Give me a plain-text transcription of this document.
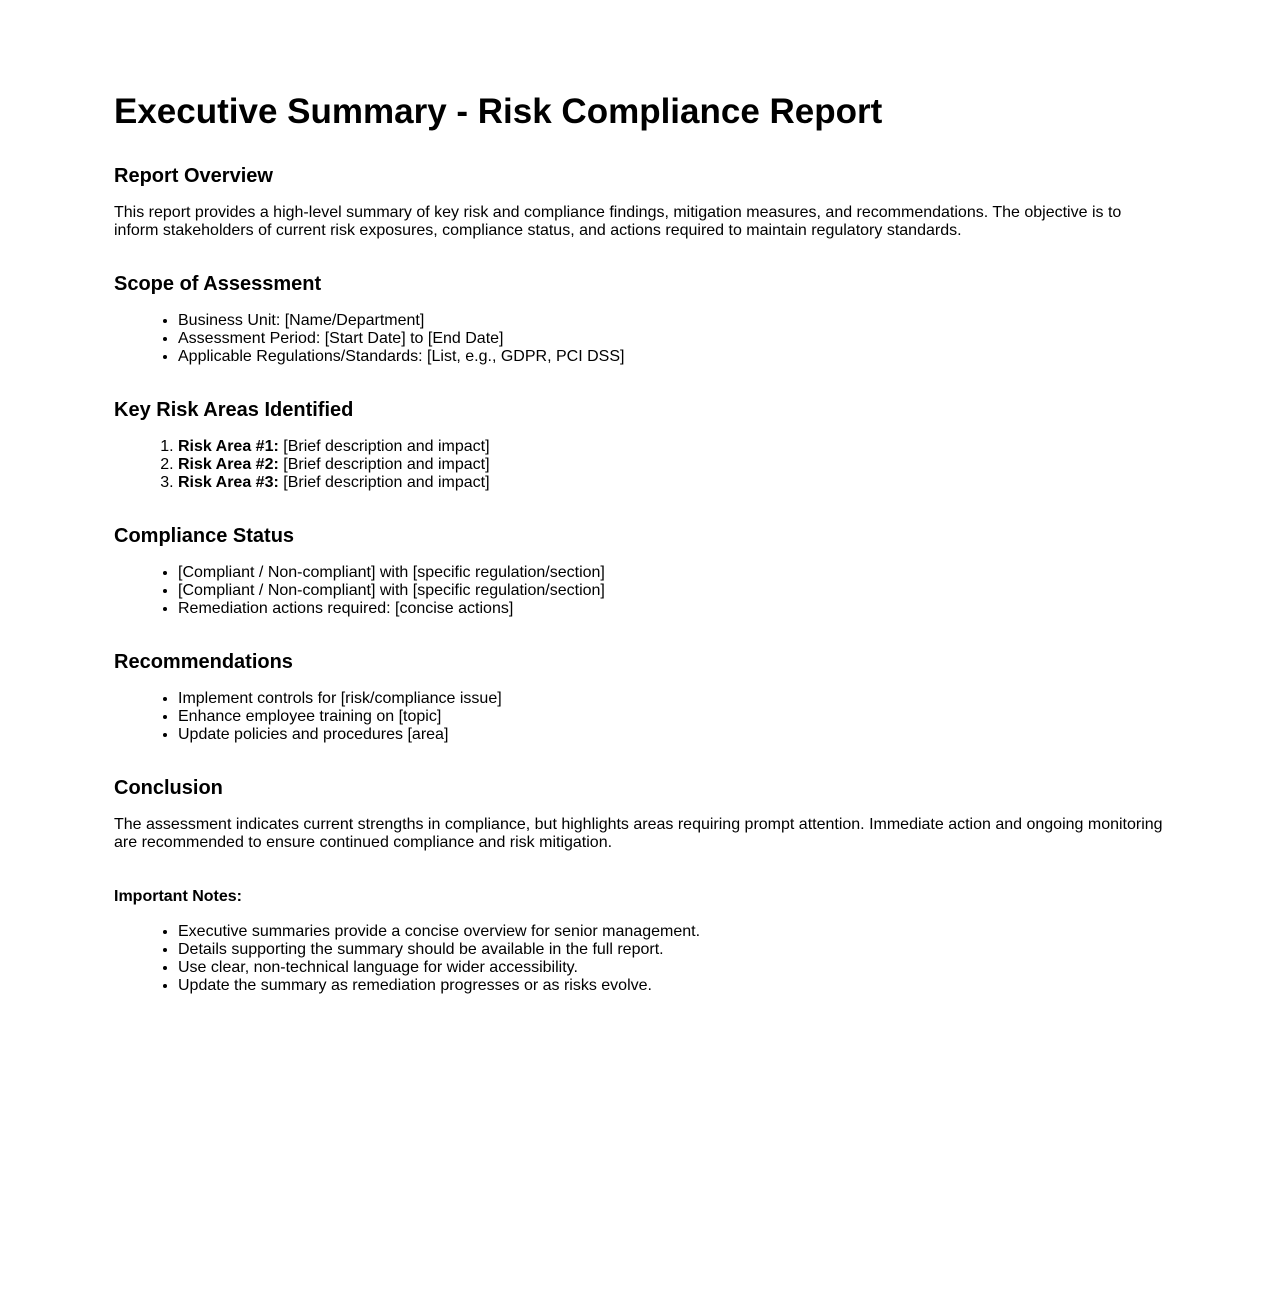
Executive Summary - Risk Compliance Report
Report Overview

This report provides a high-level summary of key risk and compliance findings, mitigation measures, and recommendations. The objective is to inform stakeholders of current risk exposures, compliance status, and actions required to maintain regulatory standards.

Scope of Assessment
• Business Unit: [Name/Department]
• Assessment Period: [Start Date] to [End Date]
• Applicable Regulations/Standards: [List, e.g., GDPR, PCI DSS]
Key Risk Areas Identified
1. Risk Area #1: [Brief description and impact]
2. Risk Area #2: [Brief description and impact]
3. Risk Area #3: [Brief description and impact]
Compliance Status
• [Compliant / Non-compliant] with [specific regulation/section]
• [Compliant / Non-compliant] with [specific regulation/section]
• Remediation actions required: [concise actions]
Recommendations
• Implement controls for [risk/compliance issue]
• Enhance employee training on [topic]
• Update policies and procedures [area]
Conclusion

The assessment indicates current strengths in compliance, but highlights areas requiring prompt attention. Immediate action and ongoing monitoring are recommended to ensure continued compliance and risk mitigation.

Important Notes:
• Executive summaries provide a concise overview for senior management.
• Details supporting the summary should be available in the full report.
• Use clear, non-technical language for wider accessibility.
• Update the summary as remediation progresses or as risks evolve.
